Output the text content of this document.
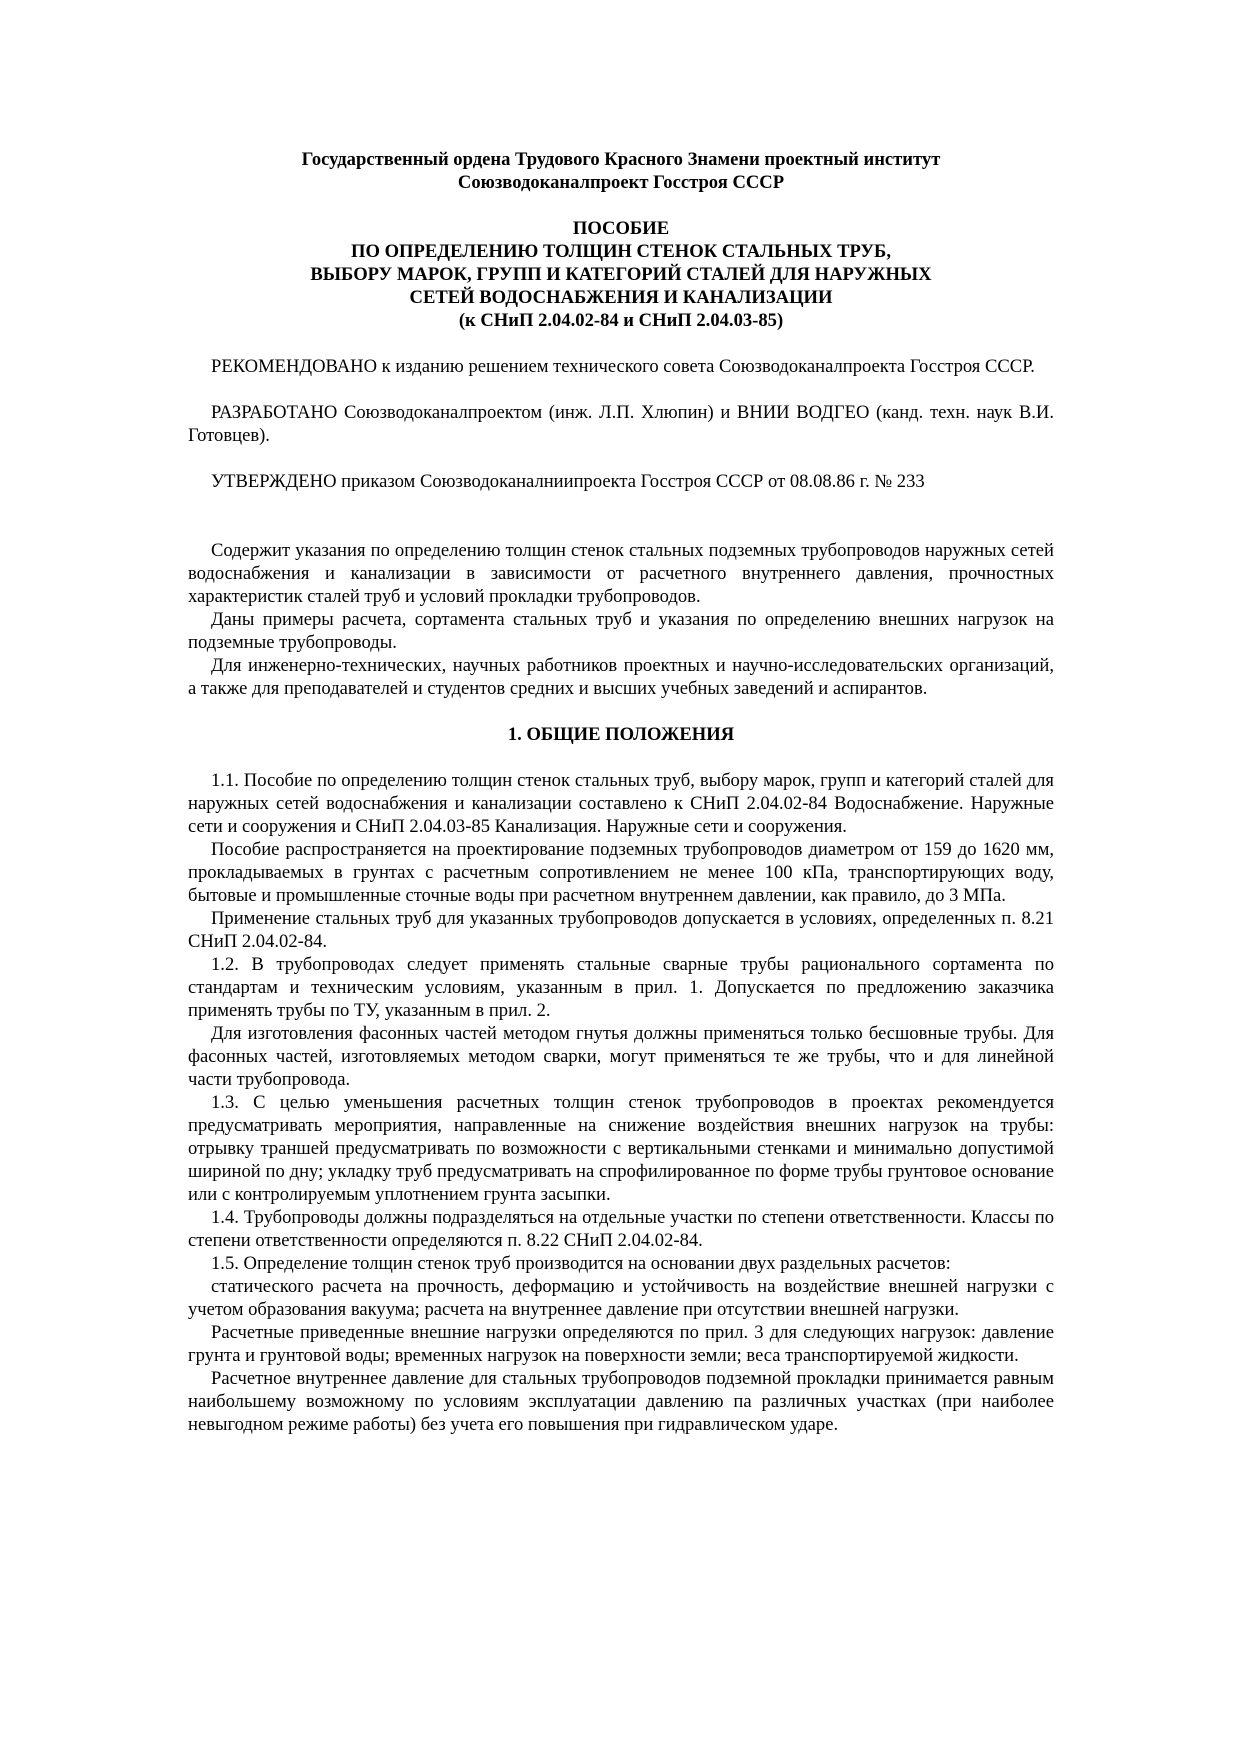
Государственный ордена Трудового Красного Знамени проектный институт
Союзводоканалпроект Госстроя СССР
ПОСОБИЕ
ПО ОПРЕДЕЛЕНИЮ ТОЛЩИН СТЕНОК СТАЛЬНЫХ ТРУБ,
ВЫБОРУ МАРОК, ГРУПП И КАТЕГОРИЙ СТАЛЕЙ ДЛЯ НАРУЖНЫХ
СЕТЕЙ ВОДОСНАБЖЕНИЯ И КАНАЛИЗАЦИИ
(к СНиП 2.04.02-84 и СНиП 2.04.03-85)

РЕКОМЕНДОВАНО к изданию решением технического совета Союзводоканалпроекта Госстроя СССР.

РАЗРАБОТАНО Союзводоканалпроектом (инж. Л.П. Хлюпин) и ВНИИ ВОДГЕО (канд. техн. наук В.И. Готовцев).

УТВЕРЖДЕНО приказом Союзводоканалниипроекта Госстроя СССР от 08.08.86 г. № 233

Содержит указания по определению толщин стенок стальных подземных трубопроводов наружных сетей водоснабжения и канализации в зависимости от расчетного внутреннего давления, прочностных характеристик сталей труб и условий прокладки трубопроводов.

Даны примеры расчета, сортамента стальных труб и указания по определению внешних нагрузок на подземные трубопроводы.

Для инженерно-технических, научных работников проектных и научно-исследовательских организаций, а также для преподавателей и студентов средних и высших учебных заведений и аспирантов.

1. ОБЩИЕ ПОЛОЖЕНИЯ

1.1. Пособие по определению толщин стенок стальных труб, выбору марок, групп и категорий сталей для наружных сетей водоснабжения и канализации составлено к СНиП 2.04.02-84 Водоснабжение. Наружные сети и сооружения и СНиП 2.04.03-85 Канализация. Наружные сети и сооружения.

Пособие распространяется на проектирование подземных трубопроводов диаметром от 159 до 1620 мм, прокладываемых в грунтах с расчетным сопротивлением не менее 100 кПа, транспортирующих воду, бытовые и промышленные сточные воды при расчетном внутреннем давлении, как правило, до 3 МПа.

Применение стальных труб для указанных трубопроводов допускается в условиях, определенных п. 8.21 СНиП 2.04.02-84.

1.2. В трубопроводах следует применять стальные сварные трубы рационального сортамента по стандартам и техническим условиям, указанным в прил. 1. Допускается по предложению заказчика применять трубы по ТУ, указанным в прил. 2.

Для изготовления фасонных частей методом гнутья должны применяться только бесшовные трубы. Для фасонных частей, изготовляемых методом сварки, могут применяться те же трубы, что и для линейной части трубопровода.

1.3. С целью уменьшения расчетных толщин стенок трубопроводов в проектах рекомендуется предусматривать мероприятия, направленные на снижение воздействия внешних нагрузок на трубы: отрывку траншей предусматривать по возможности с вертикальными стенками и минимально допустимой шириной по дну; укладку труб предусматривать на спрофилированное по форме трубы грунтовое основание или с контролируемым уплотнением грунта засыпки.

1.4. Трубопроводы должны подразделяться на отдельные участки по степени ответственности. Классы по степени ответственности определяются п. 8.22 СНиП 2.04.02-84.

1.5. Определение толщин стенок труб производится на основании двух раздельных расчетов:

статического расчета на прочность, деформацию и устойчивость на воздействие внешней нагрузки с учетом образования вакуума; расчета на внутреннее давление при отсутствии внешней нагрузки.

Расчетные приведенные внешние нагрузки определяются по прил. 3 для следующих нагрузок: давление грунта и грунтовой воды; временных нагрузок на поверхности земли; веса транспортируемой жидкости.

Расчетное внутреннее давление для стальных трубопроводов подземной прокладки принимается равным наибольшему возможному по условиям эксплуатации давлению па различных участках (при наиболее невыгодном режиме работы) без учета его повышения при гидравлическом ударе.
